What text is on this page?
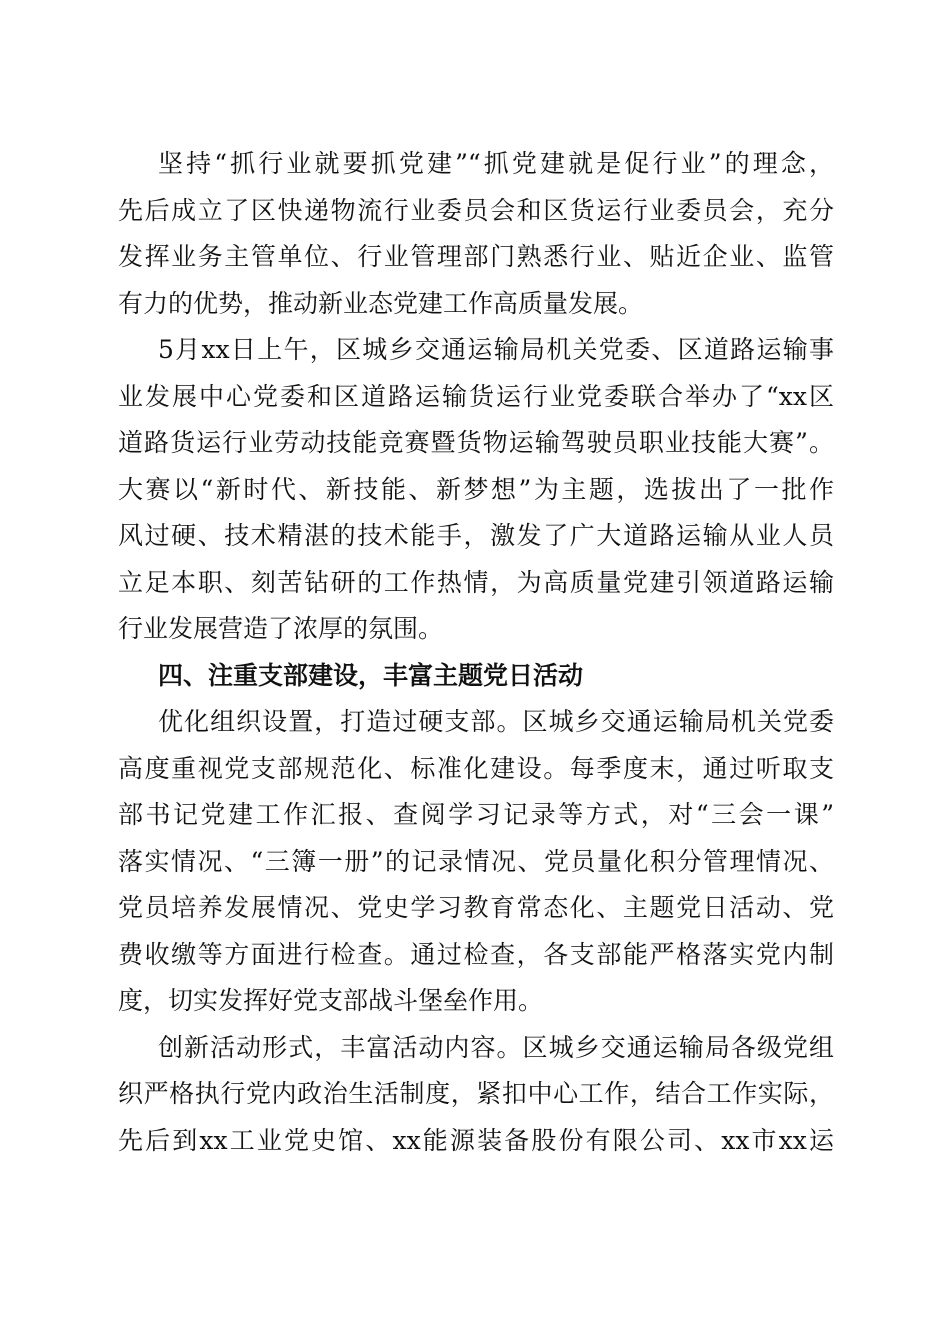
坚持“抓行业就要抓党建”“抓党建就是促行业”的理念，
先后成立了区快递物流行业委员会和区货运行业委员会，充分
发挥业务主管单位、行业管理部门熟悉行业、贴近企业、监管
有力的优势，推动新业态党建工作高质量发展。
5月xx日上午，区城乡交通运输局机关党委、区道路运输事
业发展中心党委和区道路运输货运行业党委联合举办了“xx区
道路货运行业劳动技能竞赛暨货物运输驾驶员职业技能大赛”。
大赛以“新时代、新技能、新梦想”为主题，选拔出了一批作
风过硬、技术精湛的技术能手，激发了广大道路运输从业人员
立足本职、刻苦钻研的工作热情，为高质量党建引领道路运输
行业发展营造了浓厚的氛围。
四、注重支部建设，丰富主题党日活动
优化组织设置，打造过硬支部。区城乡交通运输局机关党委
高度重视党支部规范化、标准化建设。每季度末，通过听取支
部书记党建工作汇报、查阅学习记录等方式，对“三会一课”
落实情况、“三簿一册”的记录情况、党员量化积分管理情况、
党员培养发展情况、党史学习教育常态化、主题党日活动、党
费收缴等方面进行检查。通过检查，各支部能严格落实党内制
度，切实发挥好党支部战斗堡垒作用。
创新活动形式，丰富活动内容。区城乡交通运输局各级党组
织严格执行党内政治生活制度，紧扣中心工作，结合工作实际，
先后到xx工业党史馆、xx能源装备股份有限公司、xx市xx运
